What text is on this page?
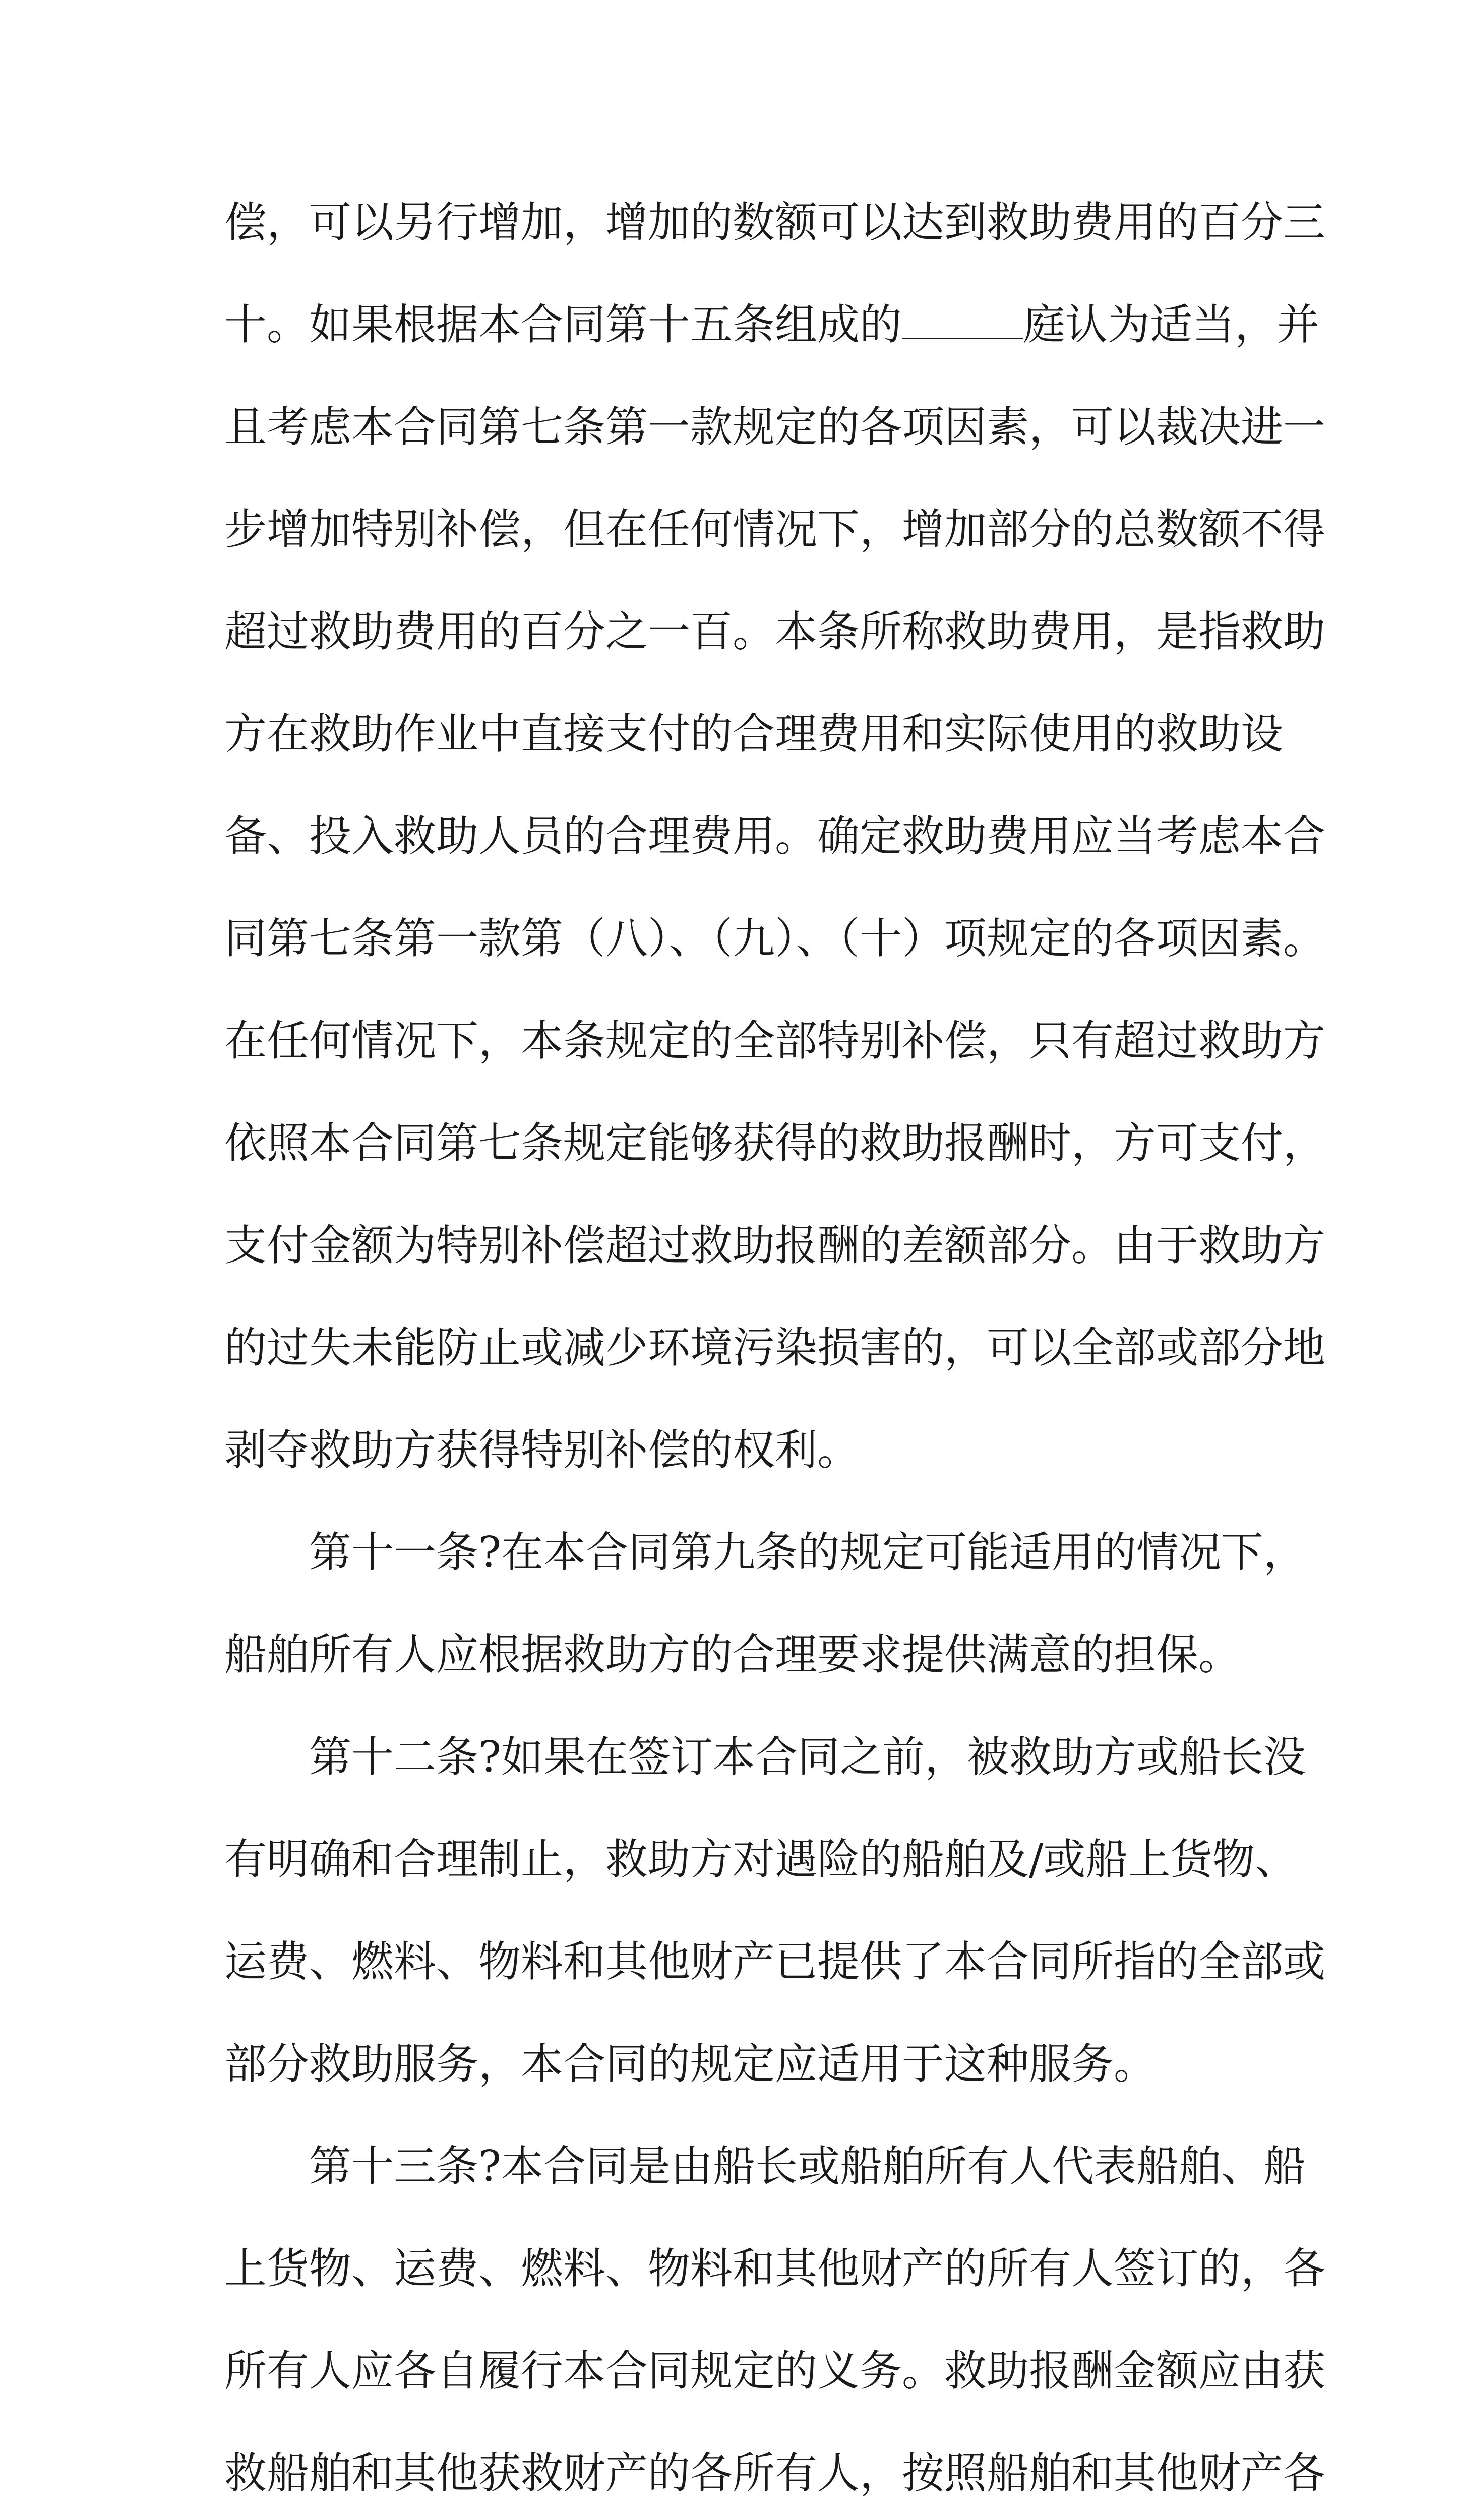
偿，可以另行增加，增加的数额可以达到救助费用的百分三
十。如果根据本合同第十五条组成的	庭认为适当，并
且考虑本合同第七条第一款规定的各项因素，可以裁决进一
步增加特别补偿，但在任何情况下，增加部分的总数额不得
超过救助费用的百分之一百。本条所称救助费用，是指救助
方在救助作业中直接支付的合理费用和实际使用的救助设
备、投入救助人员的合理费用。确定救助费用应当考虑本合
同第七条第一款第（八）、（九）、（十）项规定的各项因素。
在任何情况下，本条规定的全部特别补偿，只有超过救助方
依照本合同第七条规定能够获得的救助报酬时，方可支付，
支付金额为特别补偿超过救助报酬的差额部分。由于救助方
的过失未能防止或减少环境污染损害的，可以全部或部分地
剥夺救助方获得特别补偿的权利。
第十一条?在本合同第九条的规定可能适用的情况下，
船舶所有人应根据救助方的合理要求提供满意的担保。
第十二条?如果在签订本合同之前，被救助方或船长没
有明确和合理制止，救助方对遇险的船舶及/或船上货物、
运费、燃料、物料和其他财产已提供了本合同所指的全部或
部分救助服务，本合同的规定应适用于这种服务。
第十三条?本合同是由船长或船舶所有人代表船舶、船
上货物、运费、燃料、物料和其他财产的所有人签订的，各
所有人应各自履行本合同规定的义务。救助报酬金额应由获
救船舶和其他获救财产的各所有人，按照船舶和其他财产各
